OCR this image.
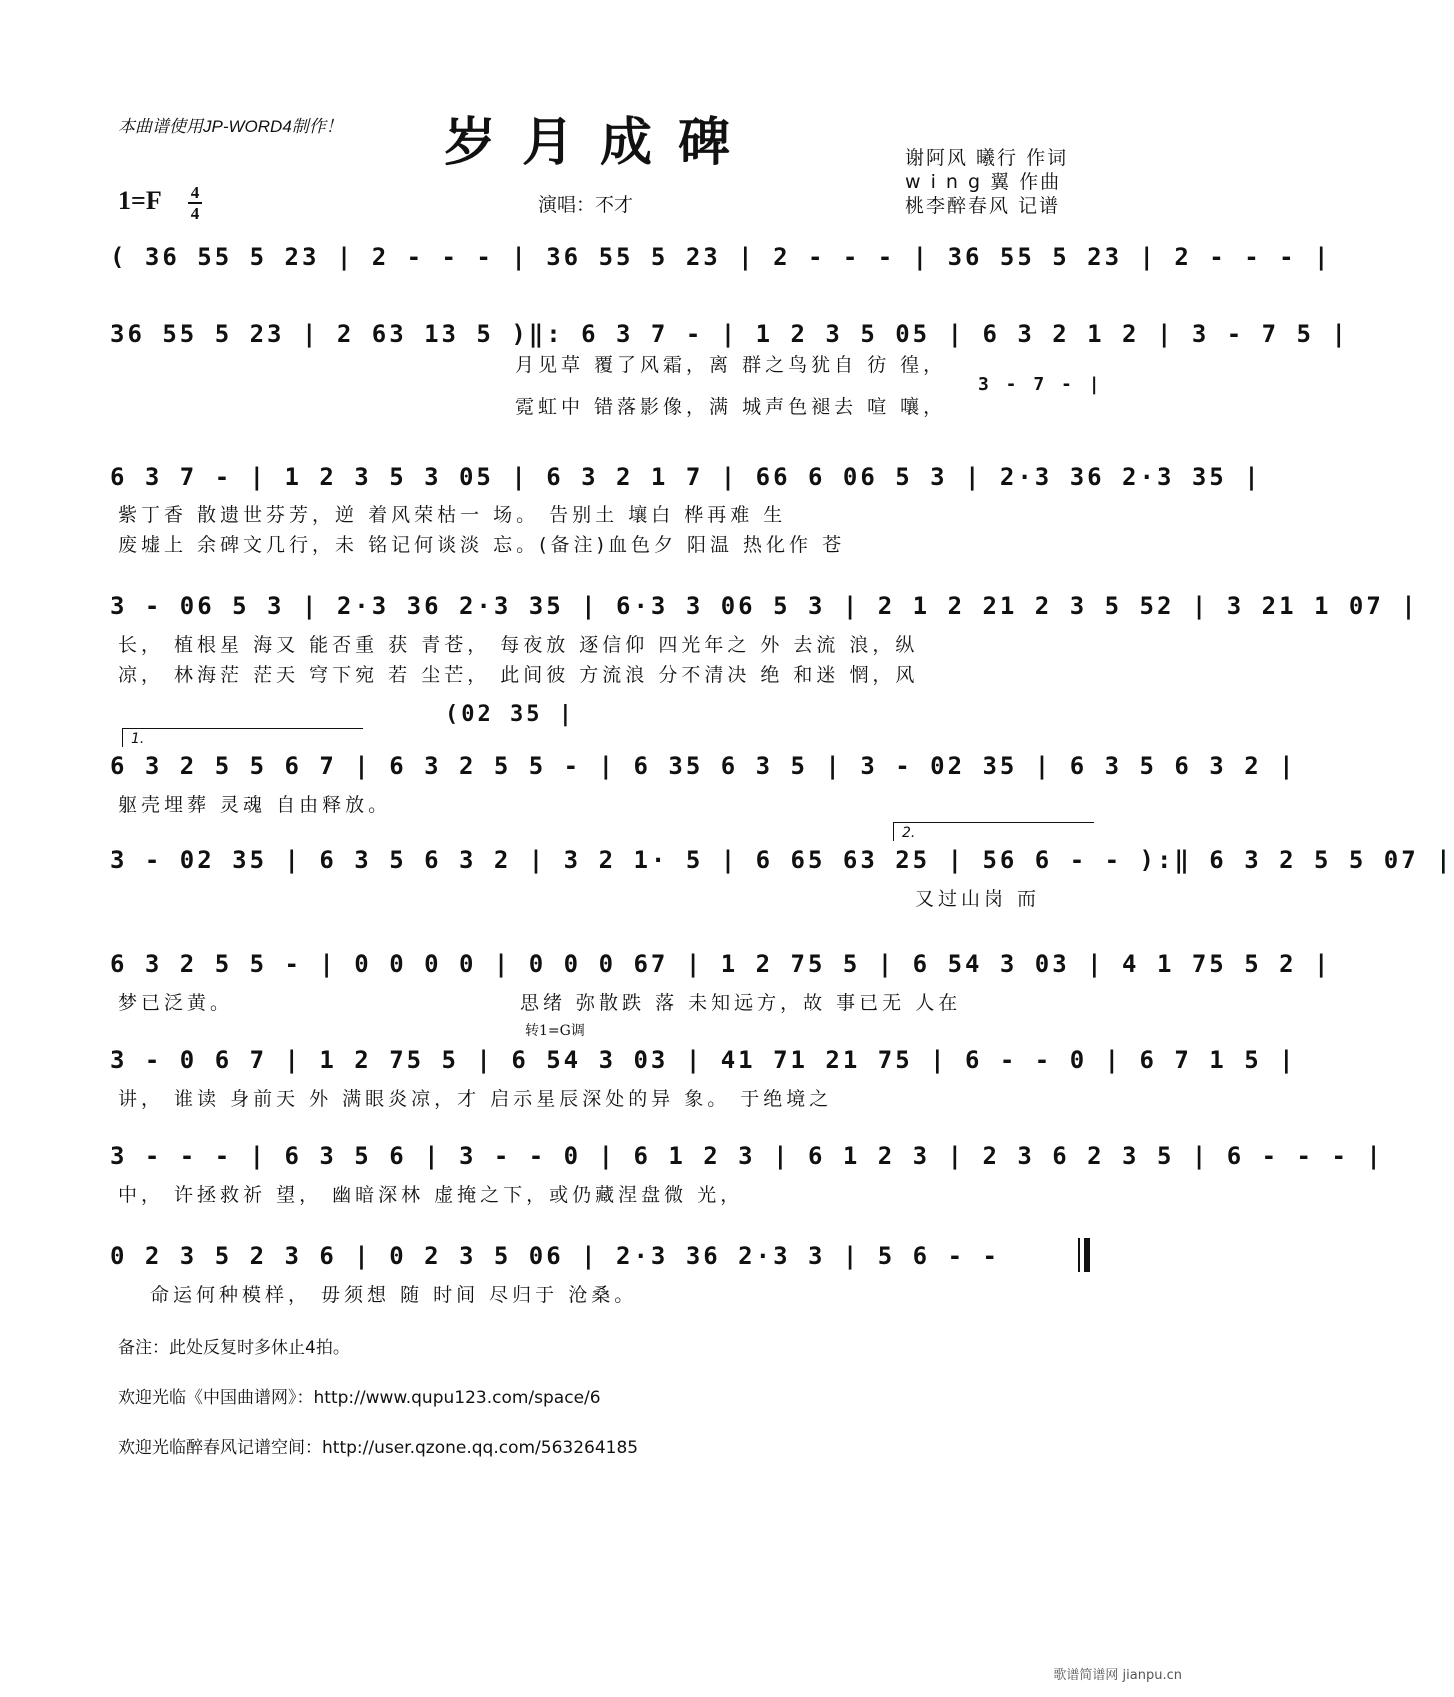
本曲谱使用JP-WORD4制作！	岁月成碑	谢阿风 曦行 作词
w i n g 翼 作曲
桃李醉春风 记谱
1=F 4
4	演唱：不才
( 36 55 5 23 | 2 - - - | 36 55 5 23 | 2 - - - | 36 55 5 23 | 2 - - - |
36 55 5 23 | 2 63 13 5 )‖: 6 3 7 - | 1 2 3 5 05 | 6 3 2 1 2 | 3 - 7 5 |
月见草 覆了风霜，离 群之鸟犹自 彷 徨，
3 - 7 - |
霓虹中 错落影像，满 城声色褪去 喧 嚷，
6 3 7 - | 1 2 3 5 3 05 | 6 3 2 1 7 | 66 6 06 5 3 | 2·3 36 2·3 35 |
紫丁香 散遗世芬芳，逆 着风荣枯一 场。 告别土 壤白 桦再难 生
废墟上 余碑文几行，未 铭记何谈淡 忘。(备注)血色夕 阳温 热化作 苍
3 - 06 5 3 | 2·3 36 2·3 35 | 6·3 3 06 5 3 | 2 1 2 21 2 3 5 52 | 3 21 1 07 |
长， 植根星 海又 能否重 获 青苍， 每夜放 逐信仰 四光年之 外 去流 浪，纵
凉， 林海茫 茫天 穹下宛 若 尘芒， 此间彼 方流浪 分不清决 绝 和迷 惘，风
1.
(02 35 |
6 3 2 5 5 6 7 | 6 3 2 5 5 - | 6 35 6 3 5 | 3 - 02 35 | 6 3 5 6 3 2 |
躯壳埋葬 灵魂 自由释放。
2.
3 - 02 35 | 6 3 5 6 3 2 | 3 2 1· 5 | 6 65 63 25 | 56 6 - - ):‖ 6 3 2 5 5 07 |
又过山岗 而
转1=G调
6 3 2 5 5 - | 0 0 0 0 | 0 0 0 67 | 1 2 75 5 | 6 54 3 03 | 4 1 75 5 2 |
梦已泛黄。	思绪 弥散跌 落 未知远方，故 事已无 人在
3 - 0 6 7 | 1 2 75 5 | 6 54 3 03 | 41 71 21 75 | 6 - - 0 | 6 7 1 5 |
讲， 谁读 身前天 外 满眼炎凉，才 启示星辰深处的异 象。 于绝境之
3 - - - | 6 3 5 6 | 3 - - 0 | 6 1 2 3 | 6 1 2 3 | 2 3 6 2 3 5 | 6 - - - |
中， 许拯救祈 望， 幽暗深林 虚掩之下，或仍藏涅盘微 光，
0 2 3 5 2 3 6 | 0 2 3 5 06 | 2·3 36 2·3 3 | 5 6 - -
命运何种模样， 毋须想 随 时间 尽归于 沧桑。
备注：此处反复时多休止4拍。
欢迎光临《中国曲谱网》：http://www.qupu123.com/space/6
欢迎光临醉春风记谱空间：http://user.qzone.qq.com/563264185
歌谱简谱网 jianpu.cn
